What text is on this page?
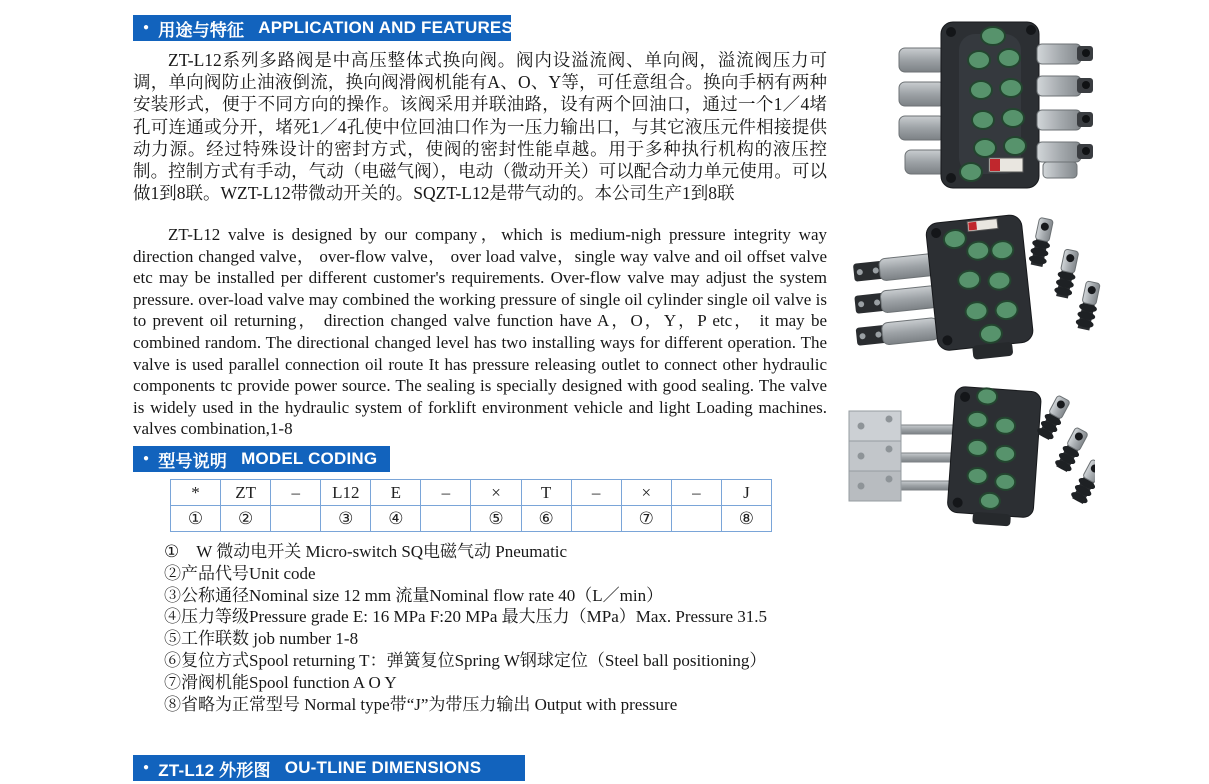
● 用途与特征 APPLICATION AND FEATURES

ZT-L12系列多路阀是中高压整体式换向阀。阀内设溢流阀、单向阀，溢流阀压力可调，单向阀防止油液倒流，换向阀滑阀机能有A、O、Y等，可任意组合。换向手柄有两种安装形式，便于不同方向的操作。该阀采用并联油路，设有两个回油口，通过一个1／4堵孔可连通或分开，堵死1／4孔使中位回油口作为一压力输出口，与其它液压元件相接提供动力源。经过特殊设计的密封方式，使阀的密封性能卓越。用于多种执行机构的液压控制。控制方式有手动，气动（电磁气阀），电动（微动开关）可以配合动力单元使用。可以做1到8联。WZT-L12带微动开关的。SQZT-L12是带气动的。本公司生产1到8联

ZT-L12 valve is designed by our company，which is medium-nigh pressure integrity way direction changed valve， over-flow valve， over load valve，single way valve and oil offset valve etc may be installed per different customer's requirements. Over-flow valve may adjust the system pressure. over-load valve may combined the working pressure of single oil cylinder single oil valve is to prevent oil returning， direction changed valve function have A，O，Y，P etc， it may be combined random. The directional changed level has two installing ways for different operation. The valve is used parallel connection oil route It has pressure releasing outlet to connect other hydraulic components tc provide power source. The sealing is specially designed with good sealing. The valve is widely used in the hydraulic system of forklift environment vehicle and light Loading machines. valves combination,1-8

● 型号说明 MODEL CODING
*	ZT	–	L12	E	–	×	T	–	×	–	J
①	②		③	④		⑤	⑥		⑦		⑧
①　W 微动电开关 Micro-switch SQ电磁气动 Pneumatic
②产品代号Unit code
③公称通径Nominal size 12 mm 流量Nominal flow rate 40（L／min）
④压力等级Pressure grade E: 16 MPa F:20 MPa 最大压力（MPa）Max. Pressure 31.5
⑤工作联数 job number 1-8
⑥复位方式Spool returning T：弹簧复位Spring W钢球定位（Steel ball positioning）
⑦滑阀机能Spool function A O Y
⑧省略为正常型号 Normal type带“J”为带压力输出 Output with pressure
● ZT-L12 外形图 OU-TLINE DIMENSIONS
